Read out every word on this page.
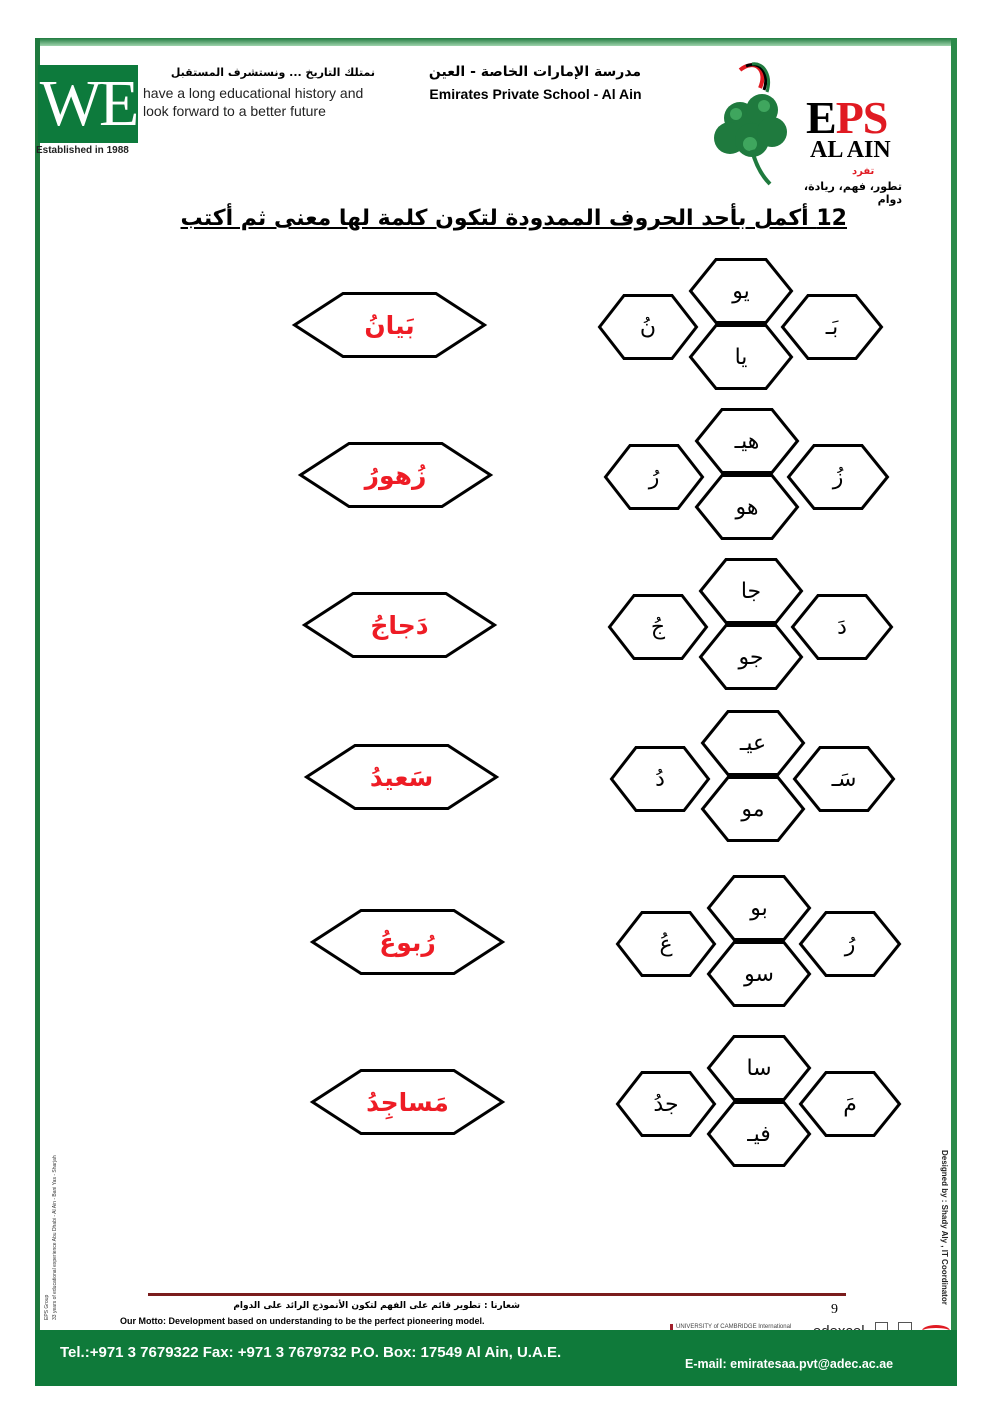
WE
Established in 1988
نمتلك التاريخ ... ونستشرف المستقبل
have a long educational history and look forward to a better future
مدرسة الإمارات الخاصة - العين
Emirates Private School - Al Ain	EPS
AL AIN
تفرد
تطور، فهم، ريادة، دوام
12 أكمل بأحد الحروف الممدودة لتكون كلمة لها معنى ثم أكتب
بَـ
يو
يا
نُ
بَيانُ
زُ
هيـ
هو
رُ
زُهورُ
دَ
جا
جو
جُ
دَجاجُ
سَـ
عيـ
مو
دُ
سَعيدُ
رُ
بو
سو
عُ
رُبوعُ
مَ
سا
فيـ
جدُ
مَساجِدُ
EPS Group 33 years of educational experience Abu Dhabi - Al Ain - Bani Yas - Sharjah	Designed by : Shady Aly , IT Coordinator
شعارنا : تطوير قائم على الفهم لتكون الأنموذج الرائد على الدوام
Our Motto: Development based on understanding to be the perfect pioneering model.
9
UNIVERSITY of CAMBRIDGE International
Tel.:+971 3 7679322 Fax: +971 3 7679732 P.O. Box: 17549 Al Ain, U.A.E.
E-mail: emiratesaa.pvt@adec.ac.ae
